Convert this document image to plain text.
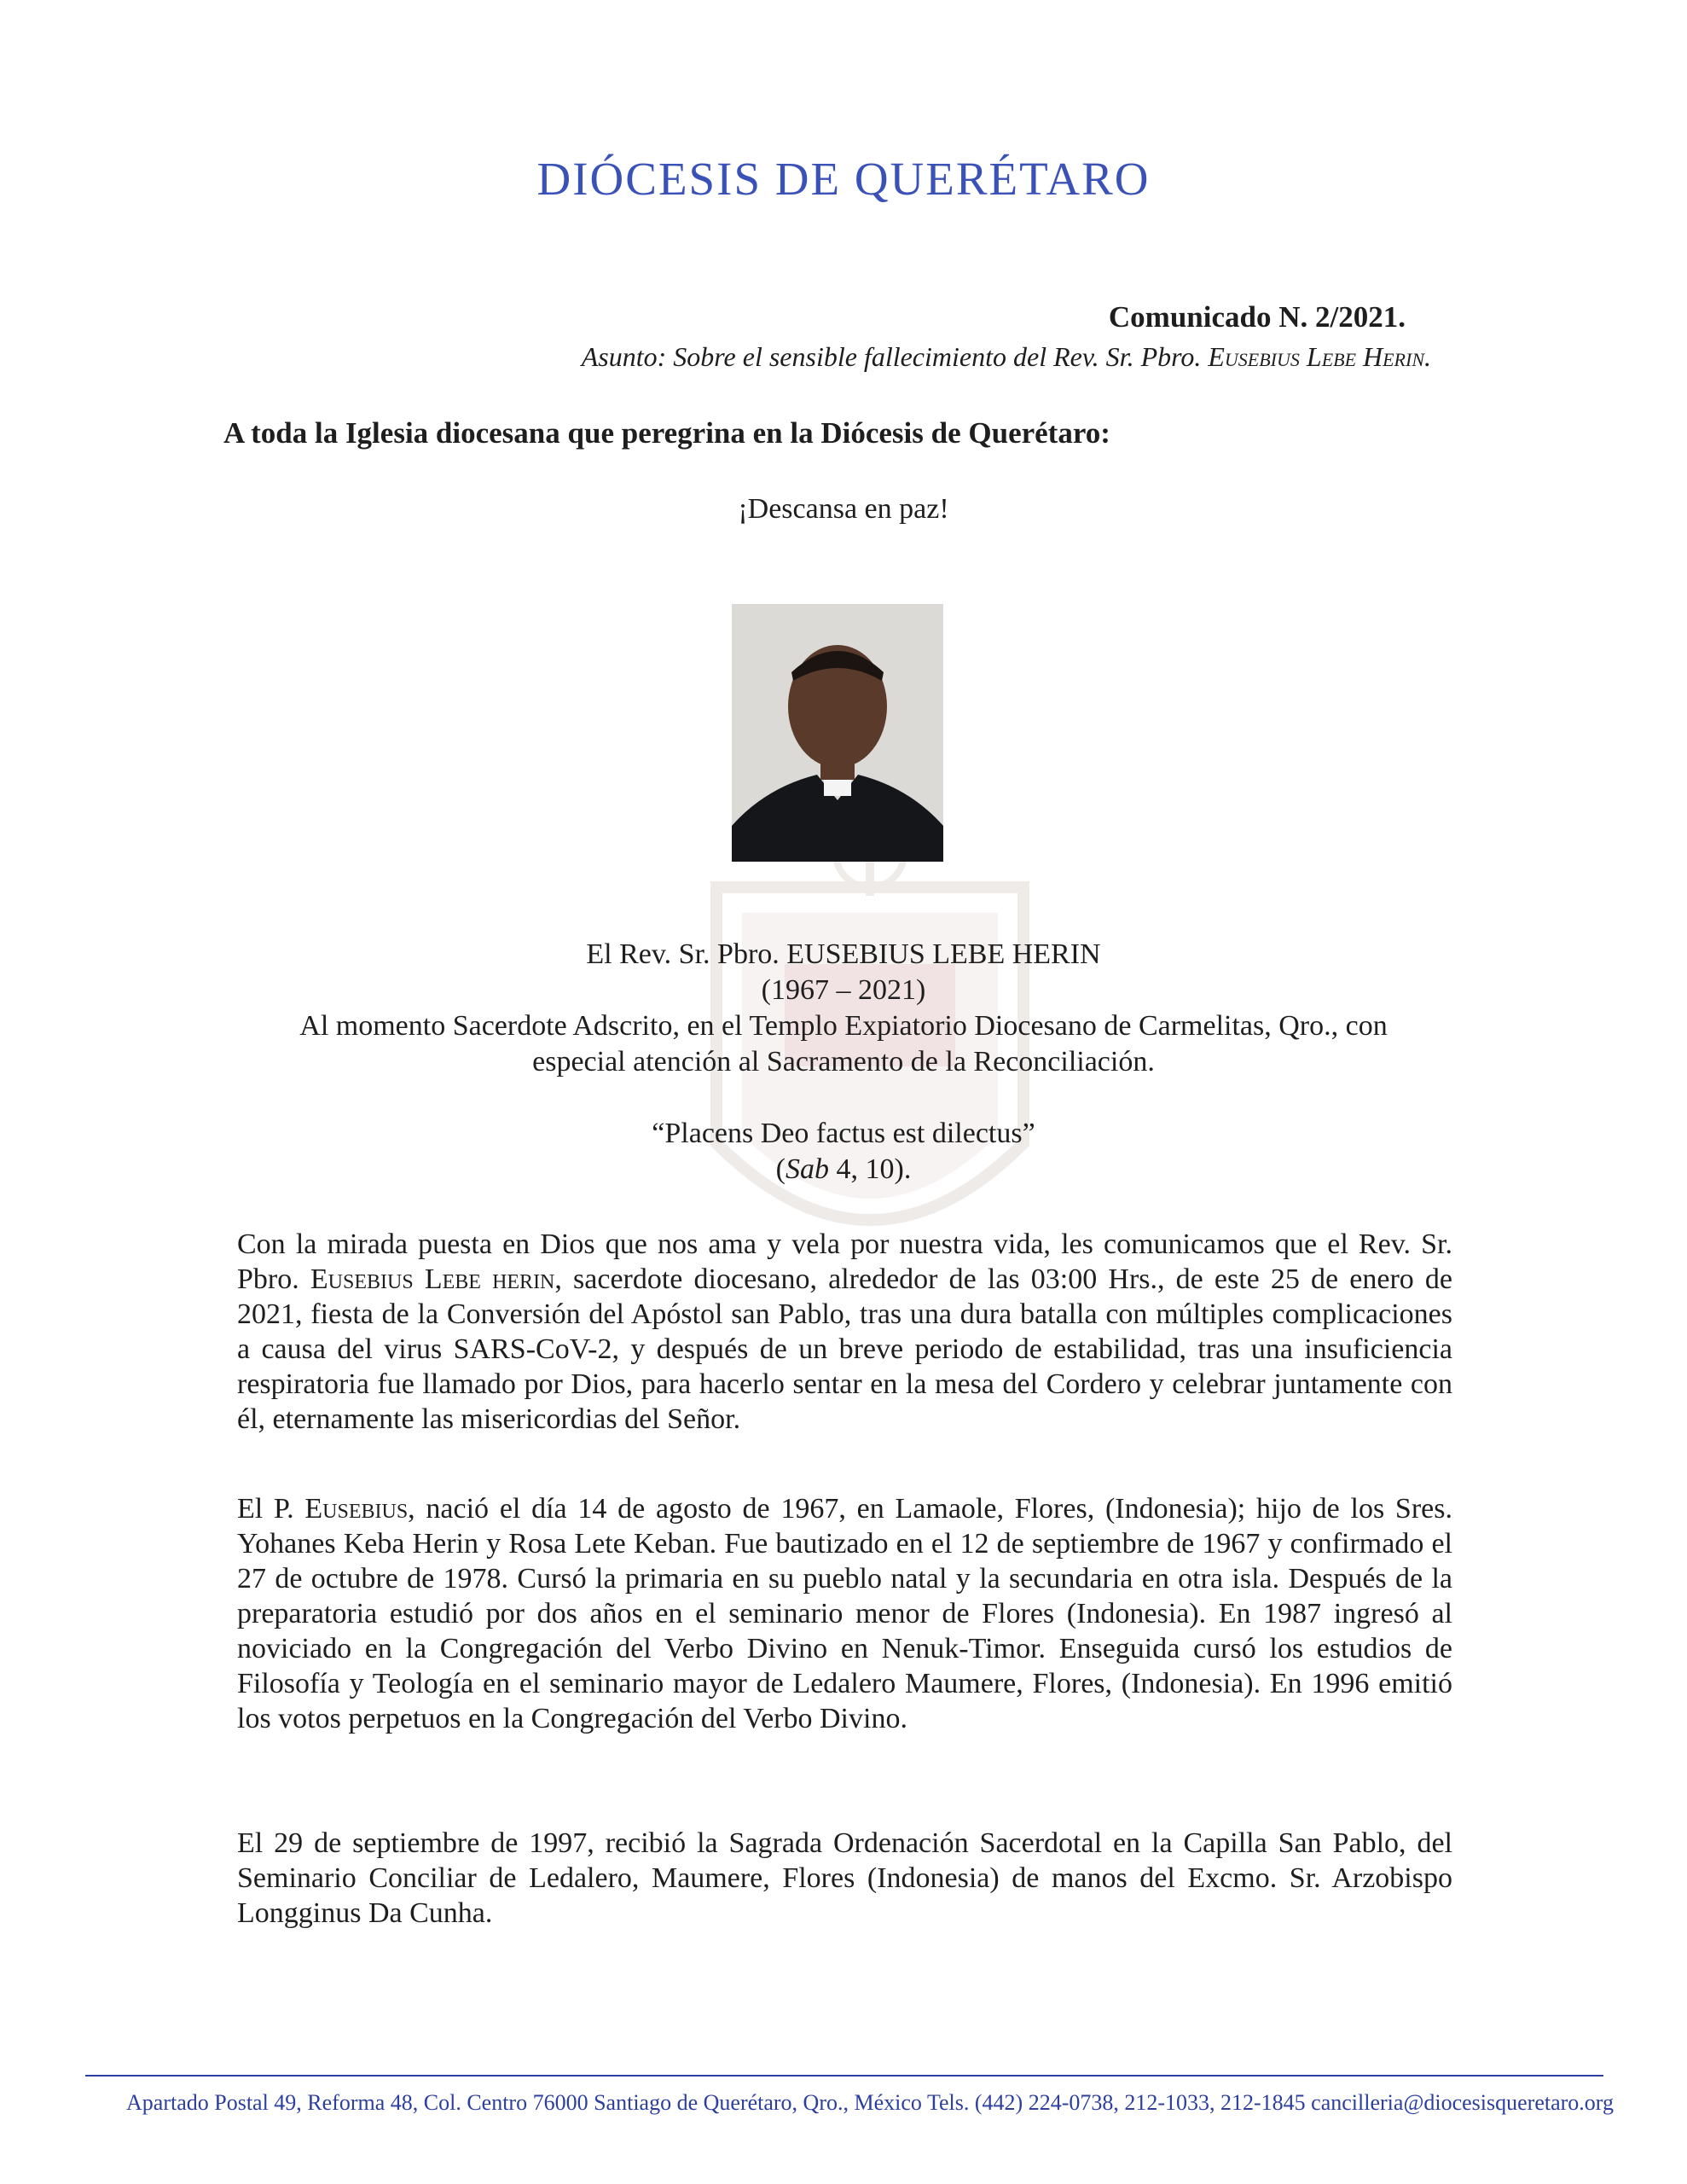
DIÓCESIS DE QUERÉTARO
Comunicado N. 2/2021.
Asunto: Sobre el sensible fallecimiento del Rev. Sr. Pbro. Eusebius Lebe Herin.
A toda la Iglesia diocesana que peregrina en la Diócesis de Querétaro:
¡Descansa en paz!
El Rev. Sr. Pbro. EUSEBIUS LEBE HERIN
(1967 – 2021)
Al momento Sacerdote Adscrito, en el Templo Expiatorio Diocesano de Carmelitas, Qro., con
especial atención al Sacramento de la Reconciliación.
“Placens Deo factus est dilectus”
(Sab 4, 10).

Con la mirada puesta en Dios que nos ama y vela por nuestra vida, les comunicamos que el Rev. Sr. Pbro. Eusebius Lebe herin, sacerdote diocesano, alrededor de las 03:00 Hrs., de este 25 de enero de 2021, fiesta de la Conversión del Apóstol san Pablo, tras una dura batalla con múltiples complicaciones a causa del virus SARS-CoV-2, y después de un breve periodo de estabilidad, tras una insuficiencia respiratoria fue llamado por Dios, para hacerlo sentar en la mesa del Cordero y celebrar juntamente con él, eternamente las misericordias del Señor.

El P. Eusebius, nació el día 14 de agosto de 1967, en Lamaole, Flores, (Indonesia); hijo de los Sres. Yohanes Keba Herin y Rosa Lete Keban. Fue bautizado en el 12 de septiembre de 1967 y confirmado el 27 de octubre de 1978. Cursó la primaria en su pueblo natal y la secundaria en otra isla. Después de la preparatoria estudió por dos años en el seminario menor de Flores (Indonesia). En 1987 ingresó al noviciado en la Congregación del Verbo Divino en Nenuk-Timor. Enseguida cursó los estudios de Filosofía y Teología en el seminario mayor de Ledalero Maumere, Flores, (Indonesia). En 1996 emitió los votos perpetuos en la Congregación del Verbo Divino.

El 29 de septiembre de 1997, recibió la Sagrada Ordenación Sacerdotal en la Capilla San Pablo, del Seminario Conciliar de Ledalero, Maumere, Flores (Indonesia) de manos del Excmo. Sr. Arzobispo Longginus Da Cunha.

Apartado Postal 49, Reforma 48, Col. Centro 76000 Santiago de Querétaro, Qro., México Tels. (442) 224-0738, 212-1033, 212-1845 cancilleria@diocesisqueretaro.org
